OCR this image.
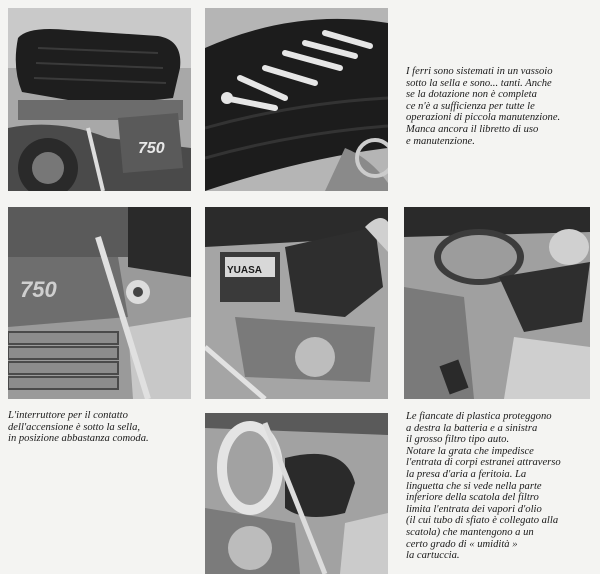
750
I ferri sono sistemati in un vassoio
sotto la sella e sono... tanti. Anche
se la dotazione non è completa
ce n'è a sufficienza per tutte le
operazioni di piccola manutenzione.
Manca ancora il libretto di uso
e manutenzione.
750
YUASA
L'interruttore per il contatto
dell'accensione è sotto la sella,
in posizione abbastanza comoda.
Le fiancate di plastica proteggono
a destra la batteria e a sinistra
il grosso filtro tipo auto.
Notare la grata che impedisce
l'entrata di corpi estranei attraverso
la presa d'aria a feritoia. La
linguetta che si vede nella parte
inferiore della scatola del filtro
limita l'entrata dei vapori d'olio
(il cui tubo di sfiato è collegato alla
scatola) che mantengono a un
certo grado di « umidità »
la cartuccia.
